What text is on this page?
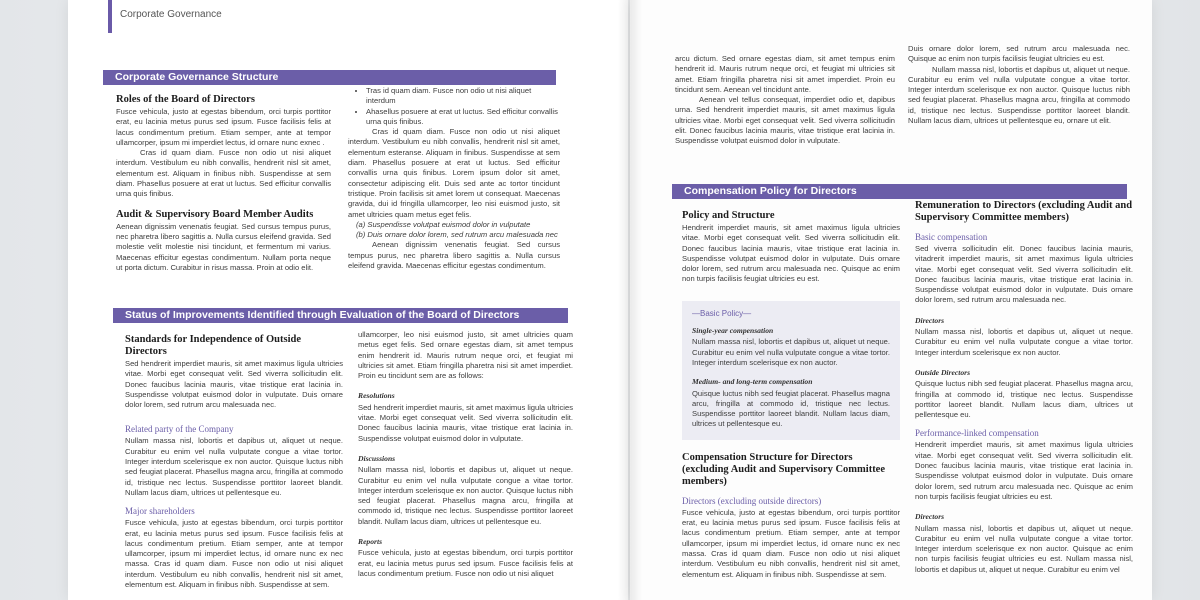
Corporate Governance
Corporate Governance Structure
Roles of the Board of Directors

Fusce vehicula, justo at egestas bibendum, orci turpis porttitor erat, eu lacinia metus purus sed ipsum. Fusce facilisis felis at lacus condimentum pretium. Etiam semper, ante at tempor ullamcorper, ipsum mi imperdiet lectus, id ornare nunc exnec .

Cras id quam diam. Fusce non odio ut nisi aliquet interdum. Vestibulum eu nibh convallis, hendrerit nisl sit amet, elementum est. Aliquam in finibus nibh. Suspendisse at sem diam. Phasellus posuere at erat ut luctus. Sed efficitur convallis urna quis finibus.

Audit & Supervisory Board Member Audits

Aenean dignissim venenatis feugiat. Sed cursus tempus purus, nec pharetra libero sagittis a. Nulla cursus eleifend gravida. Sed molestie velit molestie nisi tincidunt, et fermentum mi varius. Maecenas efficitur egestas condimentum. Nullam porta neque ut porta dictum. Curabitur in risus massa. Proin at odio elit.

• Tras id quam diam. Fusce non odio ut nisi aliquet interdum
• Ahasellus posuere at erat ut luctus. Sed efficitur convallis urna quis finibus.

Cras id quam diam. Fusce non odio ut nisi aliquet interdum. Vestibulum eu nibh convallis, hendrerit nisl sit amet, elementum esteranse. Aliquam in finibus. Suspendisse at sem diam. Phasellus posuere at erat ut luctus. Sed efficitur convallis urna quis finibus. Lorem ipsum dolor sit amet, consectetur adipiscing elit. Duis sed ante ac tortor tincidunt tristique. Proin facilisis sit amet lorem ut consequat. Maecenas gravida, dui id fringilla ullamcorper, leo nisi euismod justo, sit amet ultricies quam metus eget felis.

(a) Suspendisse volutpat euismod dolor in vulputate
(b) Duis ornare dolor lorem, sed rutrum arcu malesuada nec

Aenean dignissim venenatis feugiat. Sed cursus tempus purus, nec pharetra libero sagittis a. Nulla cursus eleifend gravida. Maecenas efficitur egestas condimentum.

Status of Improvements Identified through Evaluation of the Board of Directors
Standards for Independence of Outside Directors

Sed hendrerit imperdiet mauris, sit amet maximus ligula ultricies vitae. Morbi eget consequat velit. Sed viverra sollicitudin elit. Donec faucibus lacinia mauris, vitae tristique erat lacinia in. Suspendisse volutpat euismod dolor in vulputate. Duis ornare dolor lorem, sed rutrum arcu malesuada nec.

Related party of the Company

Nullam massa nisl, lobortis et dapibus ut, aliquet ut neque. Curabitur eu enim vel nulla vulputate congue a vitae tortor. Integer interdum scelerisque ex non auctor. Quisque luctus nibh sed feugiat placerat. Phasellus magna arcu, fringilla at commodo id, tristique nec lectus. Suspendisse porttitor laoreet blandit. Nullam lacus diam, ultrices ut pellentesque eu.

Major shareholders

Fusce vehicula, justo at egestas bibendum, orci turpis porttitor erat, eu lacinia metus purus sed ipsum. Fusce facilisis felis at lacus condimentum pretium. Etiam semper, ante at tempor ullamcorper, ipsum mi imperdiet lectus, id ornare nunc ex nec massa. Cras id quam diam. Fusce non odio ut nisi aliquet interdum. Vestibulum eu nibh convallis, hendrerit nisl sit amet, elementum est. Aliquam in finibus nibh. Suspendisse at sem.

ullamcorper, leo nisi euismod justo, sit amet ultricies quam metus eget felis. Sed ornare egestas diam, sit amet tempus enim hendrerit id. Mauris rutrum neque orci, et feugiat mi ultricies sit amet. Etiam fringilla pharetra nisi sit amet imperdiet. Proin eu tincidunt sem are as follows:

Resolutions

Sed hendrerit imperdiet mauris, sit amet maximus ligula ultricies vitae. Morbi eget consequat velit. Sed viverra sollicitudin elit. Donec faucibus lacinia mauris, vitae tristique erat lacinia in. Suspendisse volutpat euismod dolor in vulputate.

Discussions

Nullam massa nisl, lobortis et dapibus ut, aliquet ut neque. Curabitur eu enim vel nulla vulputate congue a vitae tortor. Integer interdum scelerisque ex non auctor. Quisque luctus nibh sed feugiat placerat. Phasellus magna arcu, fringilla at commodo id, tristique nec lectus. Suspendisse porttitor laoreet blandit. Nullam lacus diam, ultrices ut pellentesque eu.

Reports

Fusce vehicula, justo at egestas bibendum, orci turpis porttitor erat, eu lacinia metus purus sed ipsum. Fusce facilisis felis at lacus condimentum pretium. Fusce non odio ut nisi aliquet

arcu dictum. Sed ornare egestas diam, sit amet tempus enim hendrerit id. Mauris rutrum neque orci, et feugiat mi ultricies sit amet. Etiam fringilla pharetra nisi sit amet imperdiet. Proin eu tincidunt sem. Aenean vel tincidunt ante.

Aenean vel tellus consequat, imperdiet odio et, dapibus urna. Sed hendrerit imperdiet mauris, sit amet maximus ligula ultricies vitae. Morbi eget consequat velit. Sed viverra sollicitudin elit. Donec faucibus lacinia mauris, vitae tristique erat lacinia in. Suspendisse volutpat euismod dolor in vulputate.

Duis ornare dolor lorem, sed rutrum arcu malesuada nec. Quisque ac enim non turpis facilisis feugiat ultricies eu est.

Nullam massa nisl, lobortis et dapibus ut, aliquet ut neque. Curabitur eu enim vel nulla vulputate congue a vitae tortor. Integer interdum scelerisque ex non auctor. Quisque luctus nibh sed feugiat placerat. Phasellus magna arcu, fringilla at commodo id, tristique nec lectus. Suspendisse porttitor laoreet blandit. Nullam lacus diam, ultrices ut pellentesque eu, ornare ut elit.

Compensation Policy for Directors
Policy and Structure

Hendrerit imperdiet mauris, sit amet maximus ligula ultricies vitae. Morbi eget consequat velit. Sed viverra sollicitudin elit. Donec faucibus lacinia mauris, vitae tristique erat lacinia in. Suspendisse volutpat euismod dolor in vulputate. Duis ornare dolor lorem, sed rutrum arcu malesuada nec. Quisque ac enim non turpis facilisis feugiat ultricies eu est.

—Basic Policy—
Single-year compensation

Nullam massa nisl, lobortis et dapibus ut, aliquet ut neque. Curabitur eu enim vel nulla vulputate congue a vitae tortor. Integer interdum scelerisque ex non auctor.

Medium- and long-term compensation

Quisque luctus nibh sed feugiat placerat. Phasellus magna arcu, fringilla at commodo id, tristique nec lectus. Suspendisse porttitor laoreet blandit. Nullam lacus diam, ultrices ut pellentesque eu.

Compensation Structure for Directors (excluding Audit and Supervisory Committee members)
Directors (excluding outside directors)

Fusce vehicula, justo at egestas bibendum, orci turpis porttitor erat, eu lacinia metus purus sed ipsum. Fusce facilisis felis at lacus condimentum pretium. Etiam semper, ante at tempor ullamcorper, ipsum mi imperdiet lectus, id ornare nunc ex nec massa. Cras id quam diam. Fusce non odio ut nisi aliquet interdum. Vestibulum eu nibh convallis, hendrerit nisl sit amet, elementum est. Aliquam in finibus nibh. Suspendisse at sem.

Remuneration to Directors (excluding Audit and Supervisory Committee members)
Basic compensation

Sed viverra sollicitudin elit. Donec faucibus lacinia mauris, vitadrerit imperdiet mauris, sit amet maximus ligula ultricies vitae. Morbi eget consequat velit. Sed viverra sollicitudin elit. Donec faucibus lacinia mauris, vitae tristique erat lacinia in. Suspendisse volutpat euismod dolor in vulputate. Duis ornare dolor lorem, sed rutrum arcu malesuada nec.

Directors

Nullam massa nisl, lobortis et dapibus ut, aliquet ut neque. Curabitur eu enim vel nulla vulputate congue a vitae tortor. Integer interdum scelerisque ex non auctor.

Outside Directors

Quisque luctus nibh sed feugiat placerat. Phasellus magna arcu, fringilla at commodo id, tristique nec lectus. Suspendisse porttitor laoreet blandit. Nullam lacus diam, ultrices ut pellentesque eu.

Performance-linked compensation

Hendrerit imperdiet mauris, sit amet maximus ligula ultricies vitae. Morbi eget consequat velit. Sed viverra sollicitudin elit. Donec faucibus lacinia mauris, vitae tristique erat lacinia in. Suspendisse volutpat euismod dolor in vulputate. Duis ornare dolor lorem, sed rutrum arcu malesuada nec. Quisque ac enim non turpis facilisis feugiat ultricies eu est.

Directors

Nullam massa nisl, lobortis et dapibus ut, aliquet ut neque. Curabitur eu enim vel nulla vulputate congue a vitae tortor. Integer interdum scelerisque ex non auctor. Quisque ac enim non turpis facilisis feugiat ultricies eu est. Nullam massa nisl, lobortis et dapibus ut, aliquet ut neque. Curabitur eu enim vel
